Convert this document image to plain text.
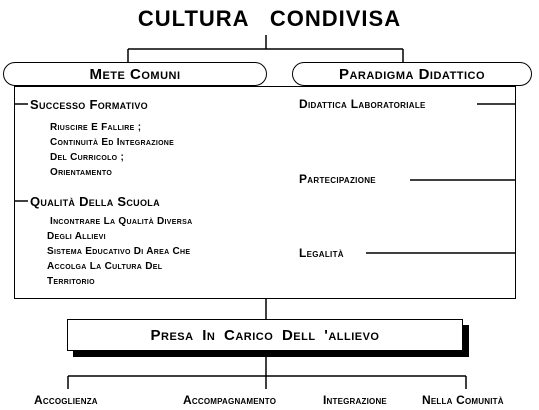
CULTURA CONDIVISA
Mete Comuni	Paradigma Didattico
Successo Formativo
Riuscire E Fallire ;
Continuità Ed Integrazione
Del Curricolo ;
Orientamento
Qualità Della Scuola
Incontrare La Qualità Diversa
Degli Allievi
Sistema Educativo Di Area Che
Accolga La Cultura Del
Territorio
Didattica Laboratoriale
Partecipazione
Legalità
Presa In Carico Dell 'allievo
Accoglienza	Accompagnamento	Integrazione	Nella Comunità
